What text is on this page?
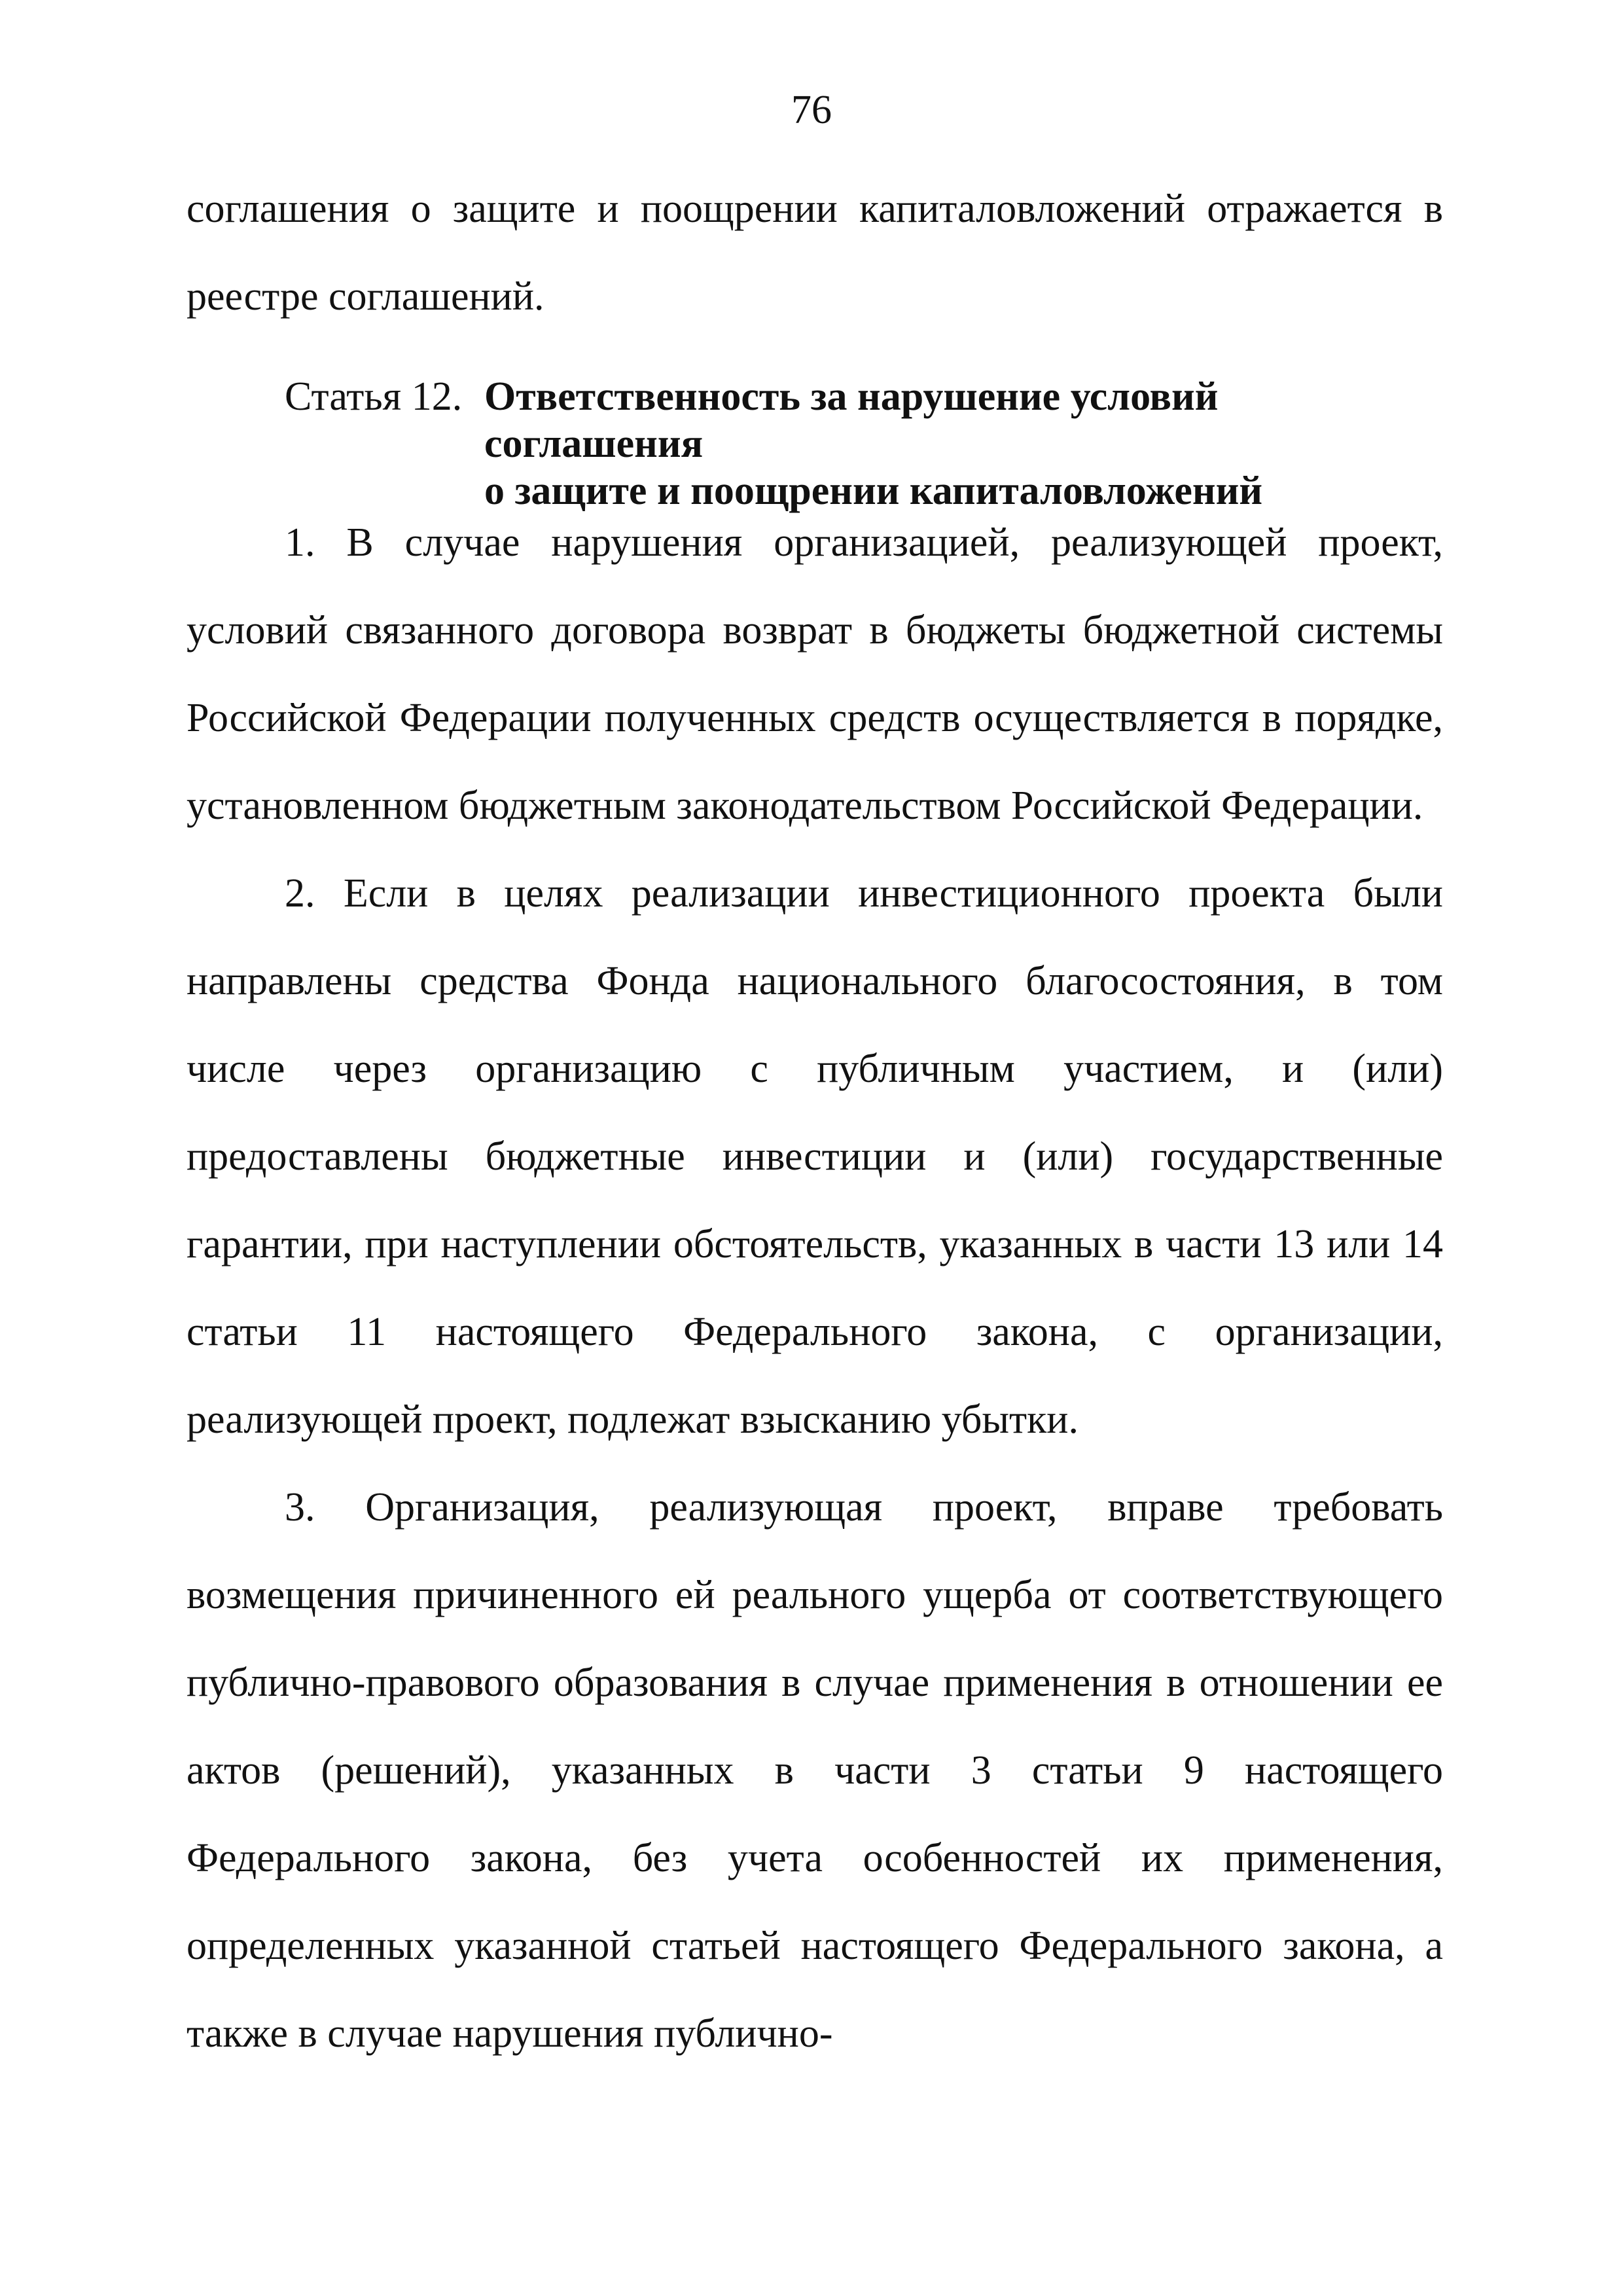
76

соглашения о защите и поощрении капиталовложений отражается в реестре соглашений.

Статья 12. Ответственность за нарушение условий соглашения
о защите и поощрении капиталовложений

1. В случае нарушения организацией, реализующей проект, условий связанного договора возврат в бюджеты бюджетной системы Российской Федерации полученных средств осуществляется в порядке, установленном бюджетным законодательством Российской Федерации.

2. Если в целях реализации инвестиционного проекта были направлены средства Фонда национального благосостояния, в том числе через организацию с публичным участием, и (или) предоставлены бюджетные инвестиции и (или) государственные гарантии, при наступлении обстоятельств, указанных в части 13 или 14 статьи 11 настоящего Федерального закона, с организации, реализующей проект, подлежат взысканию убытки.

3. Организация, реализующая проект, вправе требовать возмещения причиненного ей реального ущерба от соответствующего публично-правового образования в случае применения в отношении ее актов (решений), указанных в части 3 статьи 9 настоящего Федерального закона, без учета особенностей их применения, определенных указанной статьей настоящего Федерального закона, а также в случае нарушения публично-
